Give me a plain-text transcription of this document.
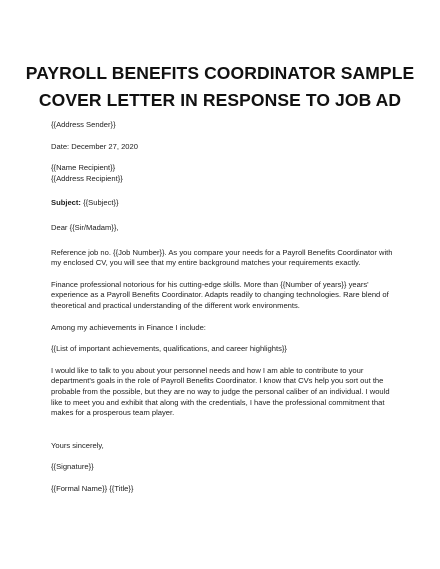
PAYROLL BENEFITS COORDINATOR SAMPLE
COVER LETTER IN RESPONSE TO JOB AD

{{Address Sender}}

Date: December 27, 2020

{{Name Recipient}}

{{Address Recipient}}

Subject: {{Subject}}

Dear {{Sir/Madam}},

Reference job no. {{Job Number}}. As you compare your needs for a Payroll Benefits Coordinator with my enclosed CV, you will see that my entire background matches your requirements exactly.

Finance professional notorious for his cutting-edge skills. More than {{Number of years}} years' experience as a Payroll Benefits Coordinator. Adapts readily to changing technologies. Rare blend of theoretical and practical understanding of the different work environments.

Among my achievements in Finance I include:

{{List of important achievements, qualifications, and career highlights}}

I would like to talk to you about your personnel needs and how I am able to contribute to your department's goals in the role of Payroll Benefits Coordinator. I know that CVs help you sort out the probable from the possible, but they are no way to judge the personal caliber of an individual. I would like to meet you and exhibit that along with the credentials, I have the professional commitment that makes for a prosperous team player.

Yours sincerely,

{{Signature}}

{{Formal Name}} {{Title}}
